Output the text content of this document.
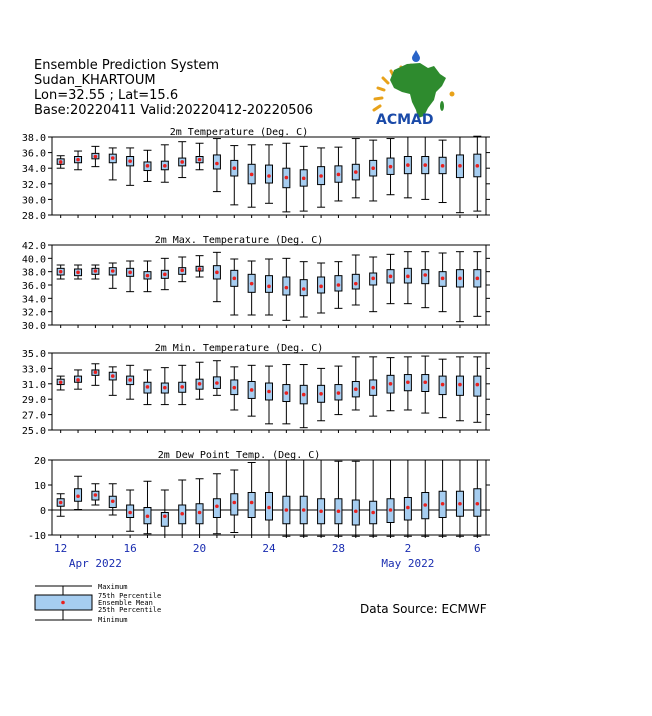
Ensemble Prediction System
Sudan_KHARTOUM
Lon=32.55 ; Lat=15.6
Base:20220411 Valid:20220412-20220506
ACMAD
2m Temperature (Deg. C)
28.0
30.0
32.0
34.0
36.0
38.0
2m Max. Temperature (Deg. C)
30.0
32.0
34.0
36.0
38.0
40.0
42.0
2m Min. Temperature (Deg. C)
25.0
27.0
29.0
31.0
33.0
35.0
2m Dew Point Temp. (Deg. C)
-10
0
10
20
12	16	20	24	28	2	6
Apr 2022	May 2022
Maximum
75th Percentile
Ensemble Mean
25th Percentile
Minimum
Data Source: ECMWF
